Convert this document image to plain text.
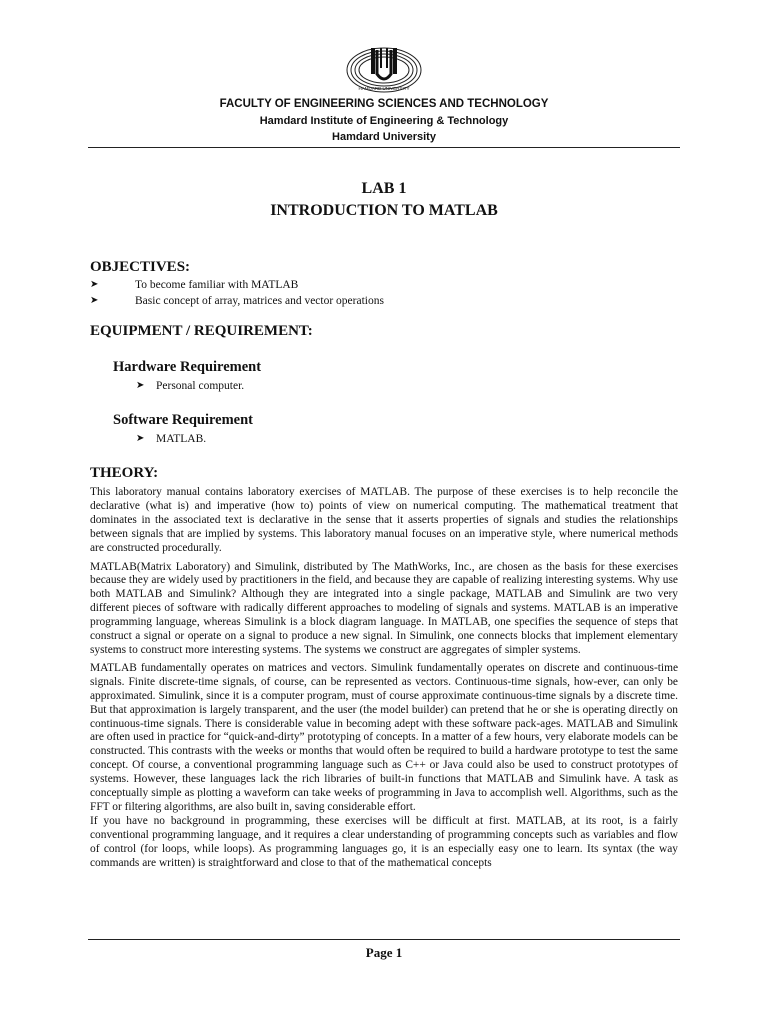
HAMDARD UNIVERSITY
FACULTY OF ENGINEERING SCIENCES AND TECHNOLOGY
Hamdard Institute of Engineering & Technology
Hamdard University
LAB 1
INTRODUCTION TO MATLAB
OBJECTIVES:
➤	To become familiar with MATLAB
➤	Basic concept of array, matrices and vector operations
EQUIPMENT / REQUIREMENT:
Hardware Requirement
➤ Personal computer.
Software Requirement
➤ MATLAB.
THEORY:

This laboratory manual contains laboratory exercises of MATLAB. The purpose of these exercises is to help reconcile the declarative (what is) and imperative (how to) points of view on numerical computing. The mathematical treatment that dominates in the associated text is declarative in the sense that it asserts properties of signals and studies the relationships between signals that are implied by systems. This laboratory manual focuses on an imperative style, where numerical methods are constructed procedurally.

MATLAB(Matrix Laboratory) and Simulink, distributed by The MathWorks, Inc., are chosen as the basis for these exercises because they are widely used by practitioners in the field, and because they are capable of realizing interesting systems. Why use both MATLAB and Simulink? Although they are integrated into a single package, MATLAB and Simulink are two very different pieces of software with radically different approaches to modeling of signals and systems. MATLAB is an imperative programming language, whereas Simulink is a block diagram language. In MATLAB, one specifies the sequence of steps that construct a signal or operate on a signal to produce a new signal. In Simulink, one connects blocks that implement elementary systems to construct more interesting systems. The systems we construct are aggregates of simpler systems.

MATLAB fundamentally operates on matrices and vectors. Simulink fundamentally operates on discrete and continuous-time signals. Finite discrete-time signals, of course, can be represented as vectors. Continuous-time signals, how-ever, can only be approximated. Simulink, since it is a computer program, must of course approximate continuous-time signals by a discrete time. But that approximation is largely transparent, and the user (the model builder) can pretend that he or she is operating directly on continuous-time signals. There is considerable value in becoming adept with these software pack-ages. MATLAB and Simulink are often used in practice for “quick-and-dirty” prototyping of concepts. In a matter of a few hours, very elaborate models can be constructed. This contrasts with the weeks or months that would often be required to build a hardware prototype to test the same concept. Of course, a conventional programming language such as C++ or Java could also be used to construct prototypes of systems. However, these languages lack the rich libraries of built-in functions that MATLAB and Simulink have. A task as conceptually simple as plotting a waveform can take weeks of programming in Java to accomplish well. Algorithms, such as the FFT or filtering algorithms, are also built in, saving considerable effort.

If you have no background in programming, these exercises will be difficult at first. MATLAB, at its root, is a fairly conventional programming language, and it requires a clear understanding of programming concepts such as variables and flow of control (for loops, while loops). As programming languages go, it is an especially easy one to learn. Its syntax (the way commands are written) is straightforward and close to that of the mathematical concepts

Page 1
